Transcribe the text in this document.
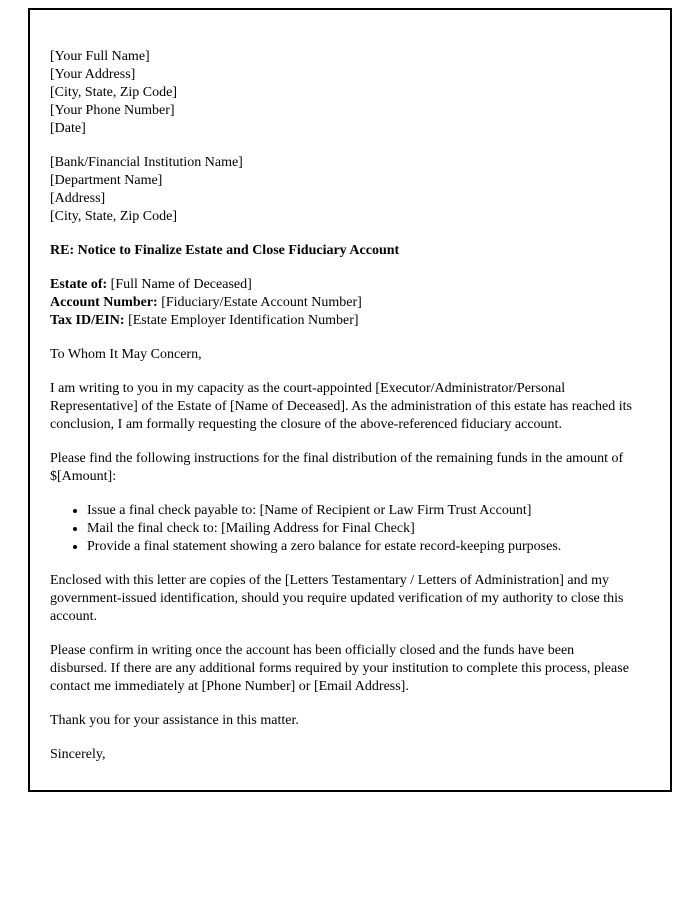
[Your Full Name]
[Your Address]
[City, State, Zip Code]
[Your Phone Number]
[Date]
[Bank/Financial Institution Name]
[Department Name]
[Address]
[City, State, Zip Code]
RE: Notice to Finalize Estate and Close Fiduciary Account
Estate of: [Full Name of Deceased]
Account Number: [Fiduciary/Estate Account Number]
Tax ID/EIN: [Estate Employer Identification Number]

To Whom It May Concern,

I am writing to you in my capacity as the court-appointed [Executor/Administrator/Personal Representative] of the Estate of [Name of Deceased]. As the administration of this estate has reached its conclusion, I am formally requesting the closure of the above-referenced fiduciary account.

Please find the following instructions for the final distribution of the remaining funds in the amount of $[Amount]:

• Issue a final check payable to: [Name of Recipient or Law Firm Trust Account]
• Mail the final check to: [Mailing Address for Final Check]
• Provide a final statement showing a zero balance for estate record-keeping purposes.

Enclosed with this letter are copies of the [Letters Testamentary / Letters of Administration] and my government-issued identification, should you require updated verification of my authority to close this account.

Please confirm in writing once the account has been officially closed and the funds have been disbursed. If there are any additional forms required by your institution to complete this process, please contact me immediately at [Phone Number] or [Email Address].

Thank you for your assistance in this matter.

Sincerely,
